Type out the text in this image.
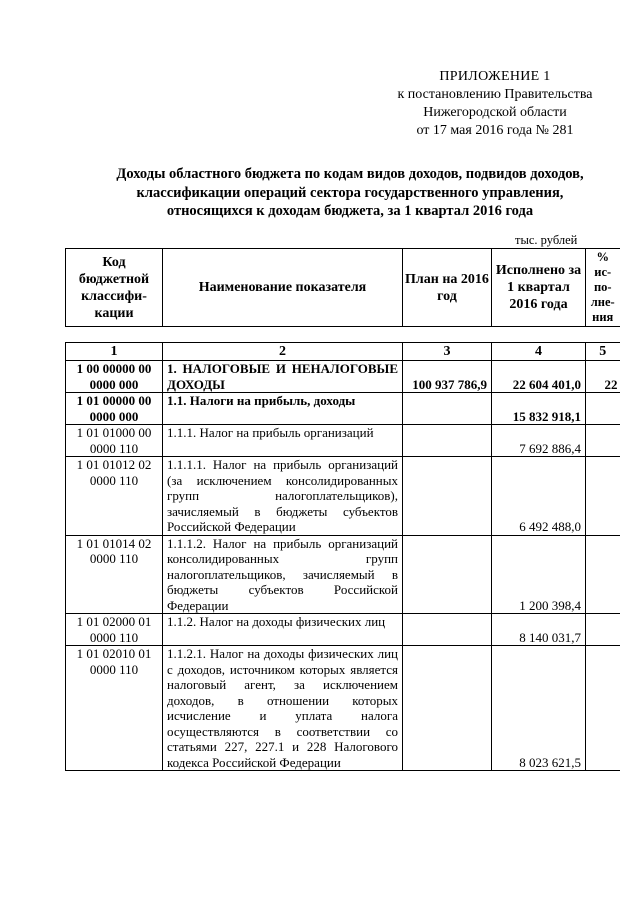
ПРИЛОЖЕНИЕ 1
к постановлению Правительства
Нижегородской области
от 17 мая 2016 года № 281
Доходы областного бюджета по кодам видов доходов, подвидов доходов,
классификации операций сектора государственного управления,
относящихся к доходам бюджета, за 1 квартал 2016 года
тыс. рублей
Код бюджетной классифи-кации	Наименование показателя	План на 2016 год	Исполнено за 1 квартал 2016 года	% ис-по-лне-ния
1	2	3	4	5
1 00 00000 00 0000 000	1. НАЛОГОВЫЕ И НЕНАЛОГОВЫЕ ДОХОДЫ	100 937 786,9	22 604 401,0	22
1 01 00000 00 0000 000	1.1. Налоги на прибыль, доходы		15 832 918,1	
1 01 01000 00 0000 110	1.1.1. Налог на прибыль организаций		7 692 886,4	
1 01 01012 02 0000 110	1.1.1.1. Налог на прибыль организаций (за исключением консолидированных групп налогоплательщиков), зачисляемый в бюджеты субъектов Российской Федерации		6 492 488,0	
1 01 01014 02 0000 110	1.1.1.2. Налог на прибыль организаций консолидированных групп налогоплательщиков, зачисляемый в бюджеты субъектов Российской Федерации		1 200 398,4	
1 01 02000 01 0000 110	1.1.2. Налог на доходы физических лиц		8 140 031,7	
1 01 02010 01 0000 110	1.1.2.1. Налог на доходы физических лиц с доходов, источником которых является налоговый агент, за исключением доходов, в отношении которых исчисление и уплата налога осуществляются в соответствии со статьями 227, 227.1 и 228 Налогового кодекса Российской Федерации		8 023 621,5	
